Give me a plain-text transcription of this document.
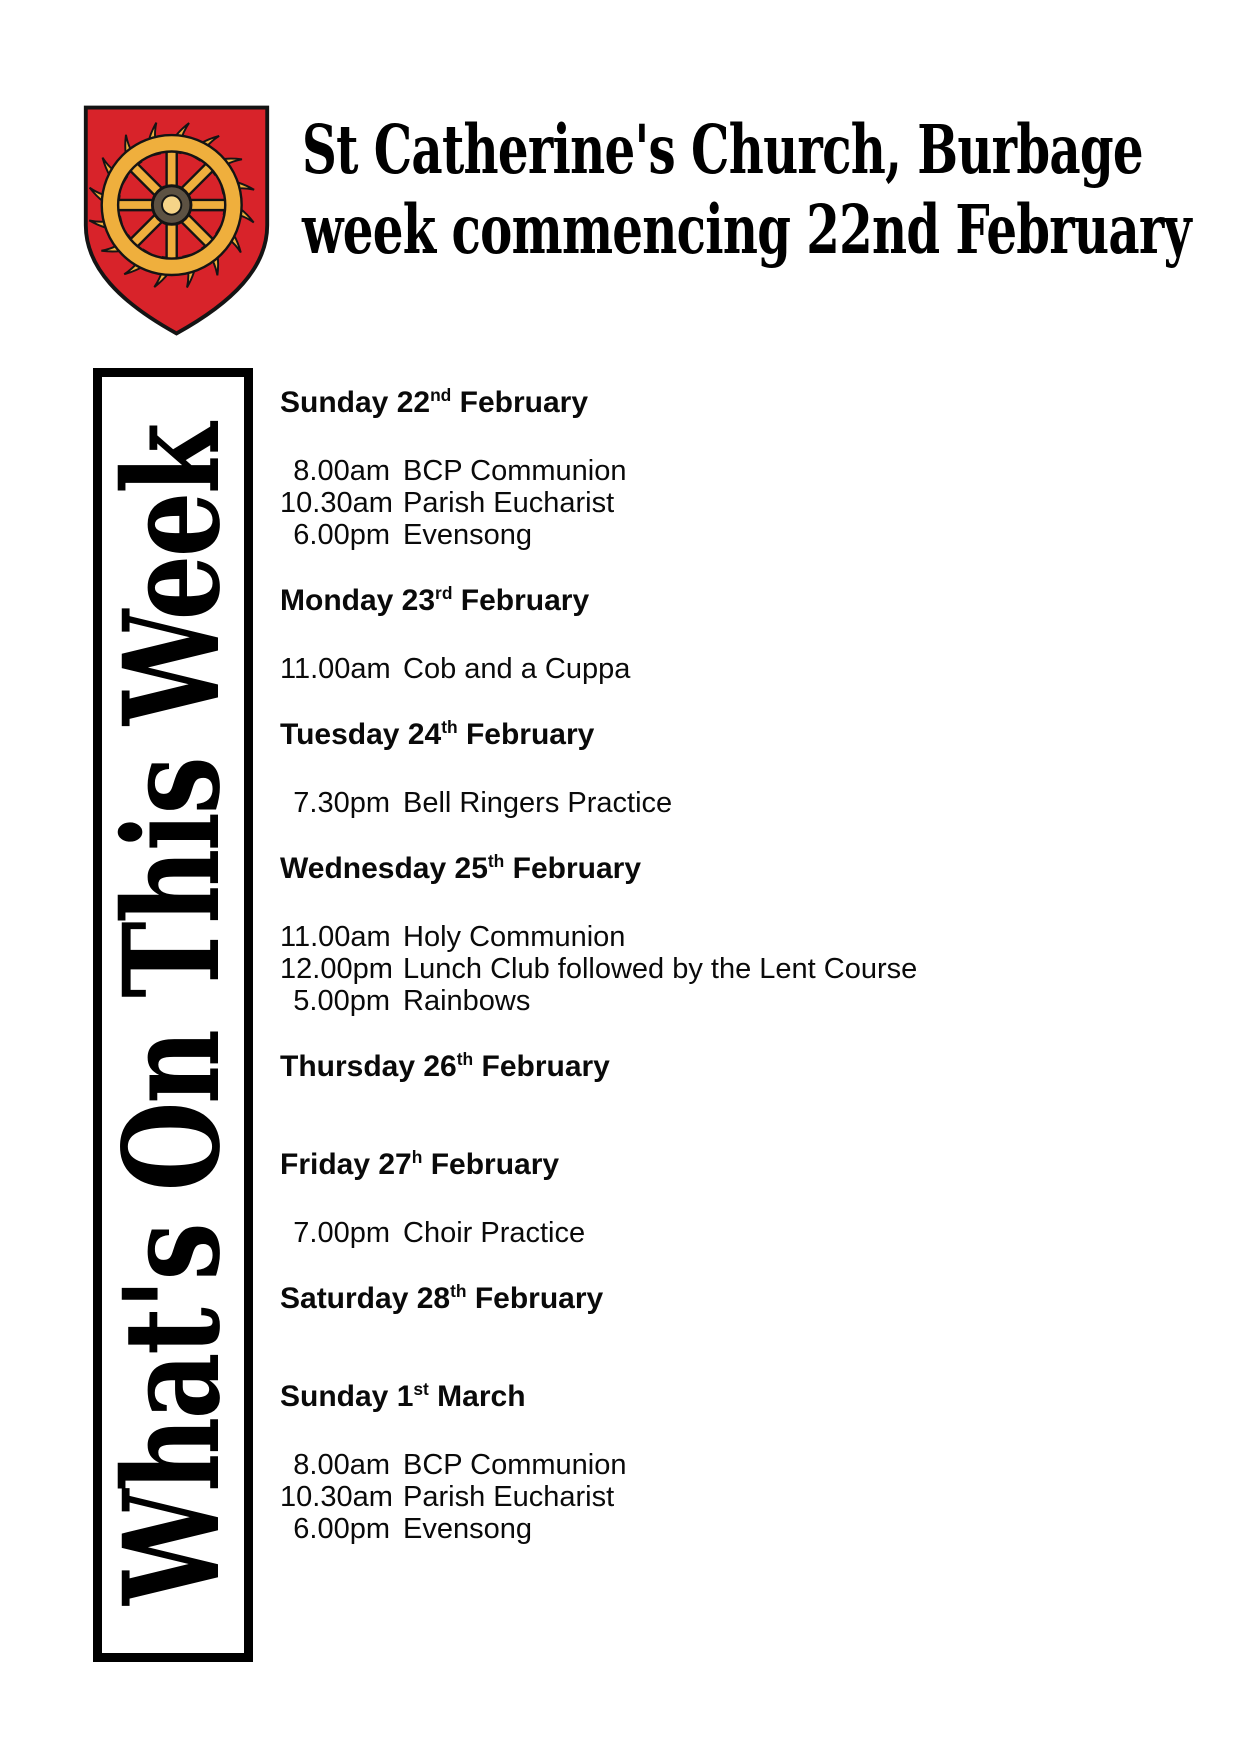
St Catherine's Church, Burbage
week commencing 22nd February
What's On This Week
Sunday 22nd February
8.00am BCP Communion
10.30am Parish Eucharist
6.00pm Evensong
Monday 23rd February
11.00am Cob and a Cuppa
Tuesday 24th February
7.30pm Bell Ringers Practice
Wednesday 25th February
11.00am Holy Communion
12.00pm Lunch Club followed by the Lent Course
5.00pm Rainbows
Thursday 26th February
Friday 27$^h$ February
7.00pm Choir Practice
Saturday 28th February
Sunday 1st March
8.00am BCP Communion
10.30am Parish Eucharist
6.00pm Evensong
